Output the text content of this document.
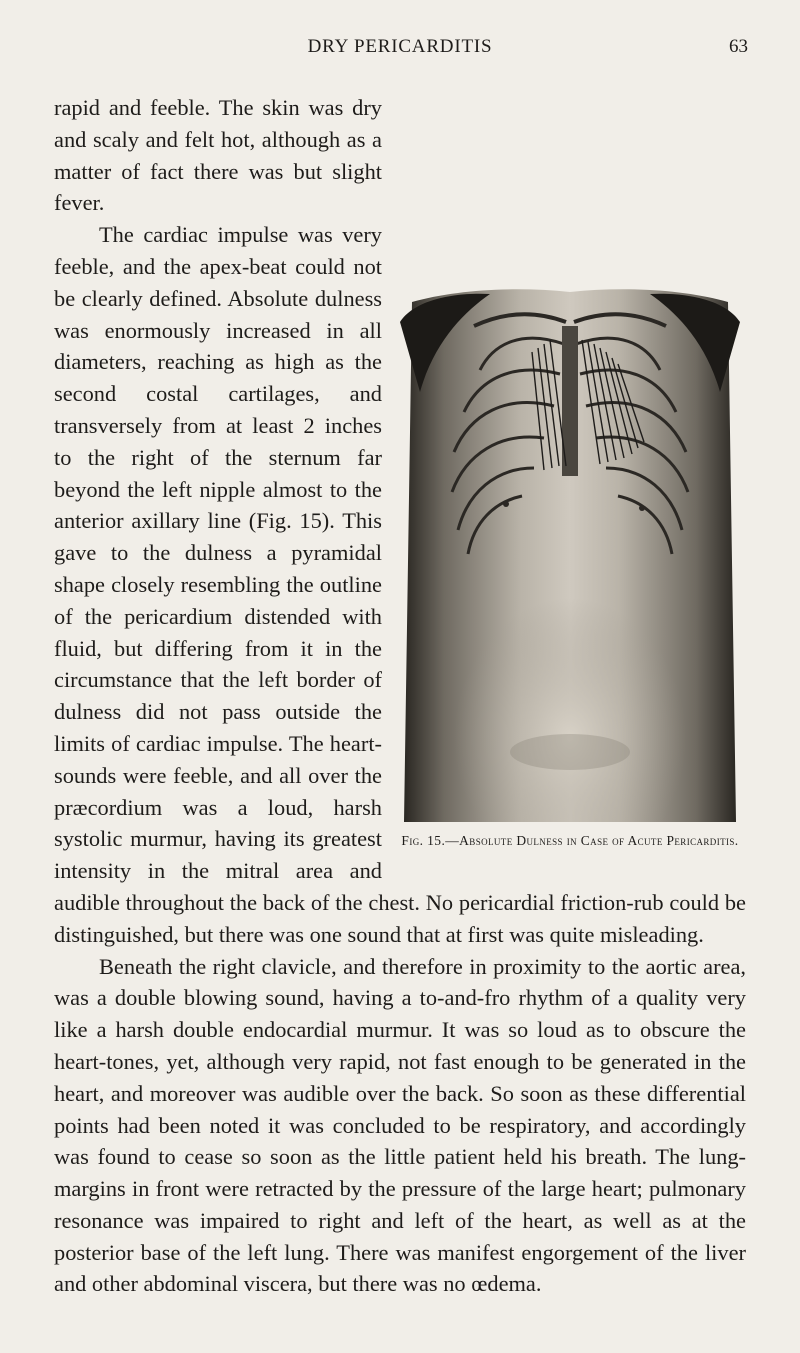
DRY PERICARDITIS	63
Fig. 15.—Absolute Dulness in Case of Acute Pericarditis.

rapid and feeble. The skin was dry and scaly and felt hot, although as a matter of fact there was but slight fever.

The cardiac impulse was very feeble, and the apex-beat could not be clearly defined. Absolute dulness was enormously increased in all diameters, reaching as high as the second costal cartilages, and transversely from at least 2 inches to the right of the sternum far beyond the left nipple almost to the anterior axillary line (Fig. 15). This gave to the dulness a pyramidal shape closely resembling the outline of the pericardium distended with fluid, but differing from it in the circumstance that the left border of dulness did not pass outside the limits of cardiac impulse. The heart-sounds were feeble, and all over the præcordium was a loud, harsh systolic murmur, having its greatest intensity in the mitral area and audible throughout the back of the chest. No pericardial friction-rub could be distinguished, but there was one sound that at first was quite misleading.

Beneath the right clavicle, and therefore in proximity to the aortic area, was a double blowing sound, having a to-and-fro rhythm of a quality very like a harsh double endocardial murmur. It was so loud as to obscure the heart-tones, yet, although very rapid, not fast enough to be generated in the heart, and moreover was audible over the back. So soon as these differential points had been noted it was concluded to be respiratory, and accordingly was found to cease so soon as the little patient held his breath. The lung-margins in front were retracted by the pressure of the large heart; pulmonary resonance was impaired to right and left of the heart, as well as at the posterior base of the left lung. There was manifest engorgement of the liver and other abdominal viscera, but there was no œdema.
